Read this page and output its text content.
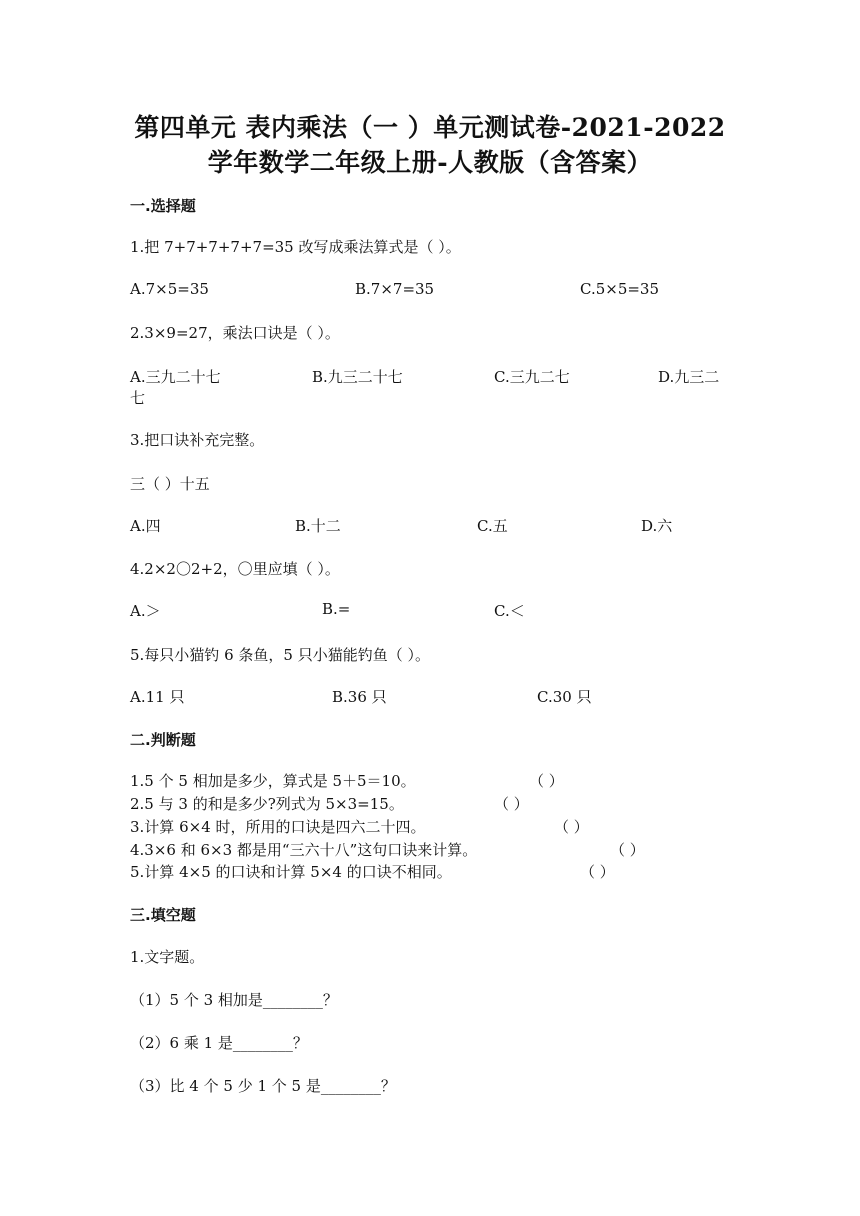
第四单元 表内乘法（一 ）单元测试卷-2021-2022
学年数学二年级上册-人教版（含答案）
一.选择题
1.把 7+7+7+7+7=35 改写成乘法算式是（ ）。
A.7×5=35	B.7×7=35	C.5×5=35
2.3×9=27，乘法口诀是（ ）。
A.三九二十七	B.九三二十七	C.三九二七	D.九三二
七
3.把口诀补充完整。
三（ ）十五
A.四	B.十二	C.五	D.六
4.2×2〇2+2，〇里应填（ ）。
A.＞	B.=	C.＜
5.每只小猫钓 6 条鱼，5 只小猫能钓鱼（ ）。
A.11 只	B.36 只	C.30 只
二.判断题
1.5 个 5 相加是多少，算式是 5＋5＝10。	（ ）
2.5 与 3 的和是多少?列式为 5×3=15。	（ ）
3.计算 6×4 时，所用的口诀是四六二十四。	（ ）
4.3×6 和 6×3 都是用“三六十八”这句口诀来计算。	（ ）
5.计算 4×5 的口诀和计算 5×4 的口诀不相同。	（ ）
三.填空题
1.文字题。
（1）5 个 3 相加是________？
（2）6 乘 1 是________？
（3）比 4 个 5 少 1 个 5 是________？
